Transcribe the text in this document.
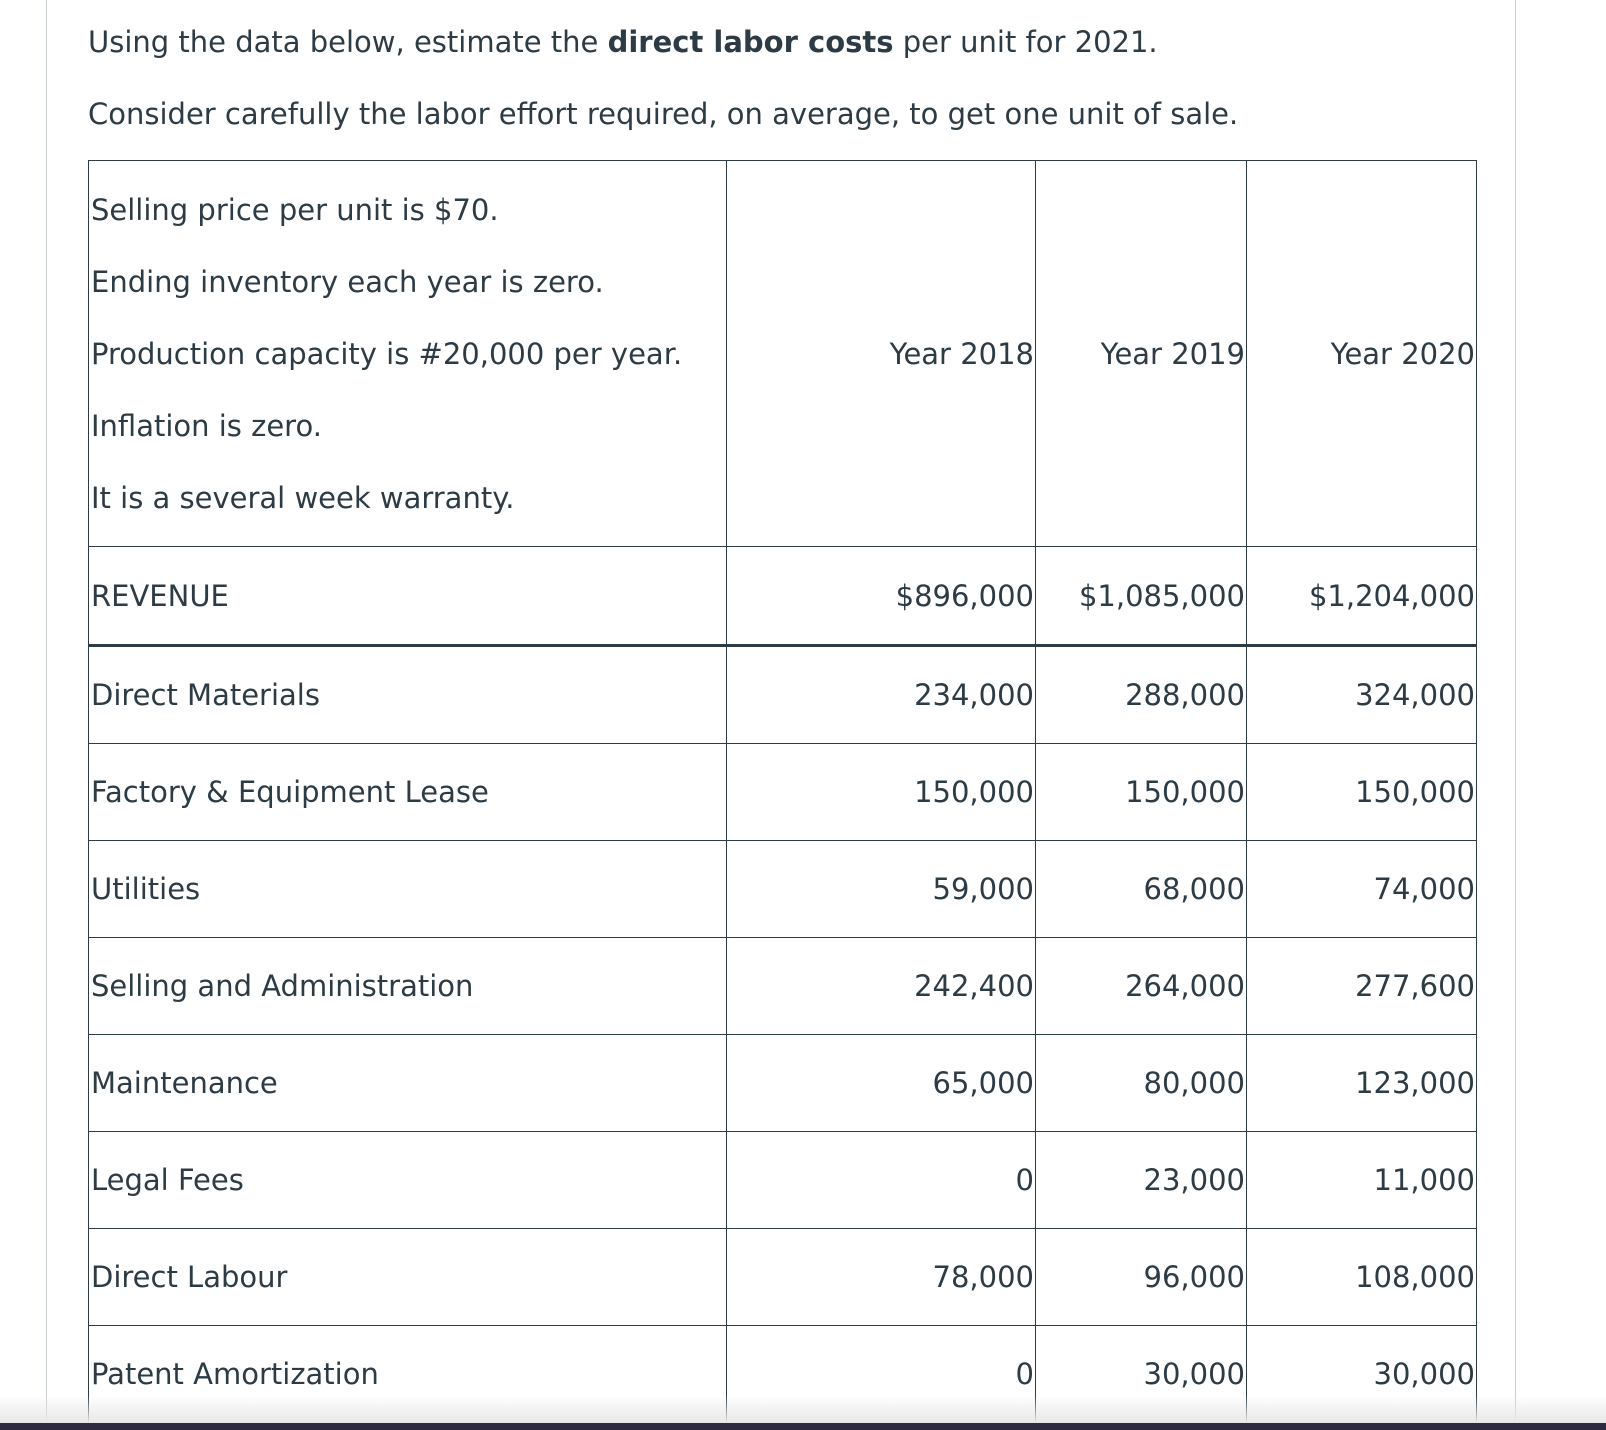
Using the data below, estimate the direct labor costs per unit for 2021.

Consider carefully the labor effort required, on average, to get one unit of sale.

Selling price per unit is $70.
Ending inventory each year is zero.
Production capacity is #20,000 per year.
Inflation is zero.
It is a several week warranty.	Year 2018	Year 2019	Year 2020
REVENUE	$896,000	$1,085,000	$1,204,000
Direct Materials	234,000	288,000	324,000
Factory & Equipment Lease	150,000	150,000	150,000
Utilities	59,000	68,000	74,000
Selling and Administration	242,400	264,000	277,600
Maintenance	65,000	80,000	123,000
Legal Fees	0	23,000	11,000
Direct Labour	78,000	96,000	108,000
Patent Amortization	0	30,000	30,000
